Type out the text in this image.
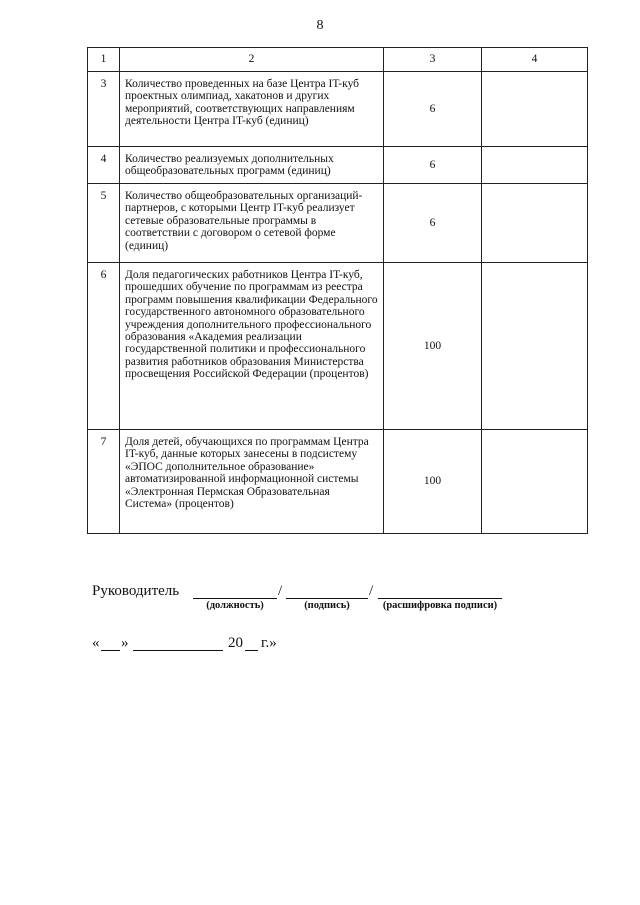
8
1	2	3	4
3	Количество проведенных на базе Центра IT-куб проектных олимпиад, хакатонов и других мероприятий, соответствующих направлениям деятельности Центра IT-куб (единиц)	6	
4	Количество реализуемых дополнительных общеобразовательных программ (единиц)	6	
5	Количество общеобразовательных организаций-партнеров, с которыми Центр IT-куб реализует сетевые образовательные программы в соответствии с договором о сетевой форме (единиц)	6	
6	Доля педагогических работников Центра IT-куб, прошедших обучение по программам из реестра программ повышения квалификации Федерального государственного автономного образовательного учреждения дополнительного профессионального образования «Академия реализации государственной политики и профессионального развития работников образования Министерства просвещения Российской Федерации (процентов)	100	
7	Доля детей, обучающихся по программам Центра IT-куб, данные которых занесены в подсистему «ЭПОС дополнительное образование» автоматизированной информационной системы «Электронная Пермская Образовательная Система» (процентов)	100	
Руководитель	/	/
(должность)	(подпись)	(расшифровка подписи)
« »	20 г.»
